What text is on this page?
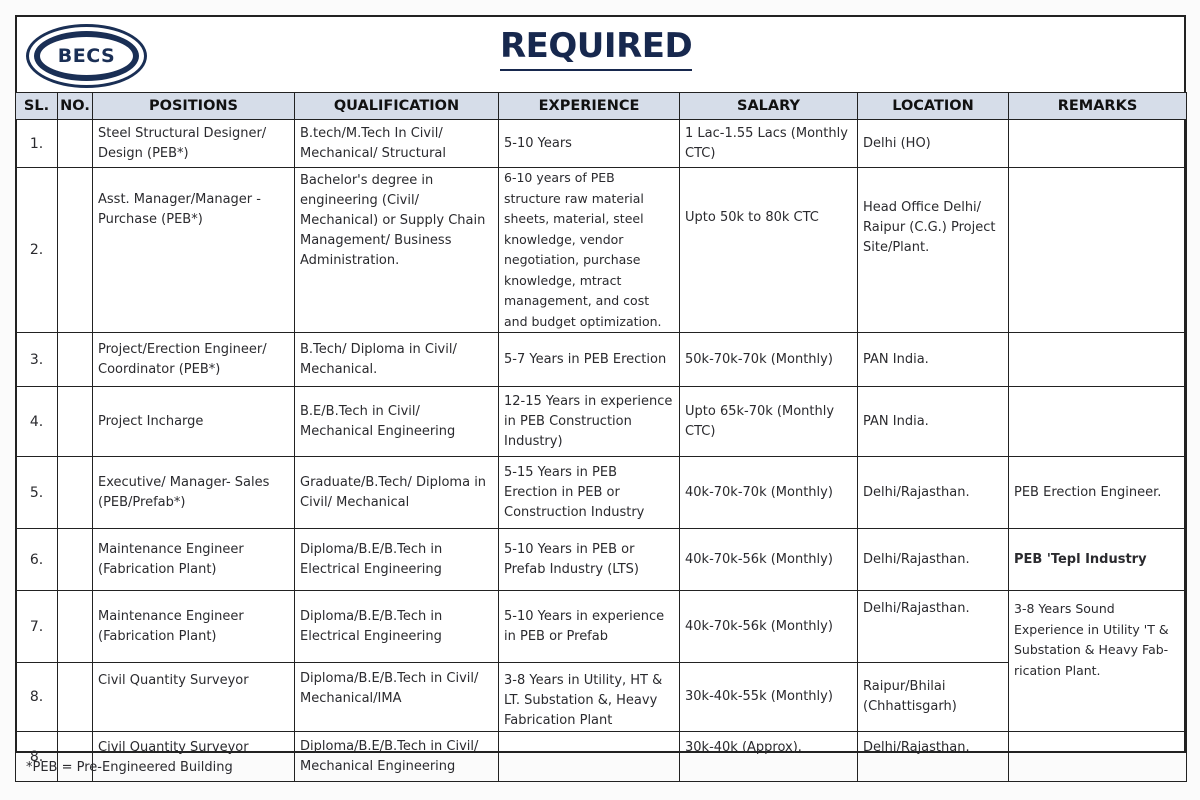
BECS	REQUIRED
SL.	NO.	POSITIONS	QUALIFICATION	EXPERIENCE	SALARY	LOCATION	REMARKS
1.		Steel Structural Designer/ Design (PEB*)	B.tech/M.Tech In Civil/ Mechanical/ Structural	5-10 Years	1 Lac-1.55 Lacs (Monthly CTC)	Delhi (HO)	
2.		Asst. Manager/Manager - Purchase (PEB*)	Bachelor's degree in engineering (Civil/ Mechanical) or Supply Chain Management/ Business Administration.	6-10 years of PEB structure raw material sheets, material, steel knowledge, vendor negotiation, purchase knowledge, mtract management, and cost and budget optimization.	Upto 50k to 80k CTC	Head Office Delhi/ Raipur (C.G.) Project Site/Plant.	
3.		Project/Erection Engineer/ Coordinator (PEB*)	B.Tech/ Diploma in Civil/ Mechanical.	5-7 Years in PEB Erection	50k-70k-70k (Monthly)	PAN India.	
4.		Project Incharge	B.E/B.Tech in Civil/ Mechanical Engineering	12-15 Years in experience in PEB Construction Industry)	Upto 65k-70k (Monthly CTC)	PAN India.	
5.		Executive/ Manager- Sales (PEB/Prefab*)	Graduate/B.Tech/ Diploma in Civil/ Mechanical	5-15 Years in PEB Erection in PEB or Construction Industry	40k-70k-70k (Monthly)	Delhi/Rajasthan.	PEB Erection Engineer.
6.		Maintenance Engineer (Fabrication Plant)	Diploma/B.E/B.Tech in Electrical Engineering	5-10 Years in PEB or Prefab Industry (LTS)	40k-70k-56k (Monthly)	Delhi/Rajasthan.	PEB 'Tepl Industry
7.		Maintenance Engineer (Fabrication Plant)	Diploma/B.E/B.Tech in Electrical Engineering	5-10 Years in experience in PEB or Prefab	40k-70k-56k (Monthly)	Delhi/Rajasthan.	3-8 Years Sound Experience in Utility 'T & Substation & Heavy Fab-rication Plant.
8.		Civil Quantity Surveyor	Diploma/B.E/B.Tech in Civil/ Mechanical/IMA	3-8 Years in Utility, HT & LT. Substation &, Heavy Fabrication Plant	30k-40k-55k (Monthly)	Raipur/Bhilai (Chhattisgarh)	
8.		Civil Quantity Surveyor	Diploma/B.E/B.Tech in Civil/ Mechanical Engineering		30k-40k (Approx).	Delhi/Rajasthan.	
*PEB = Pre-Engineered Building
